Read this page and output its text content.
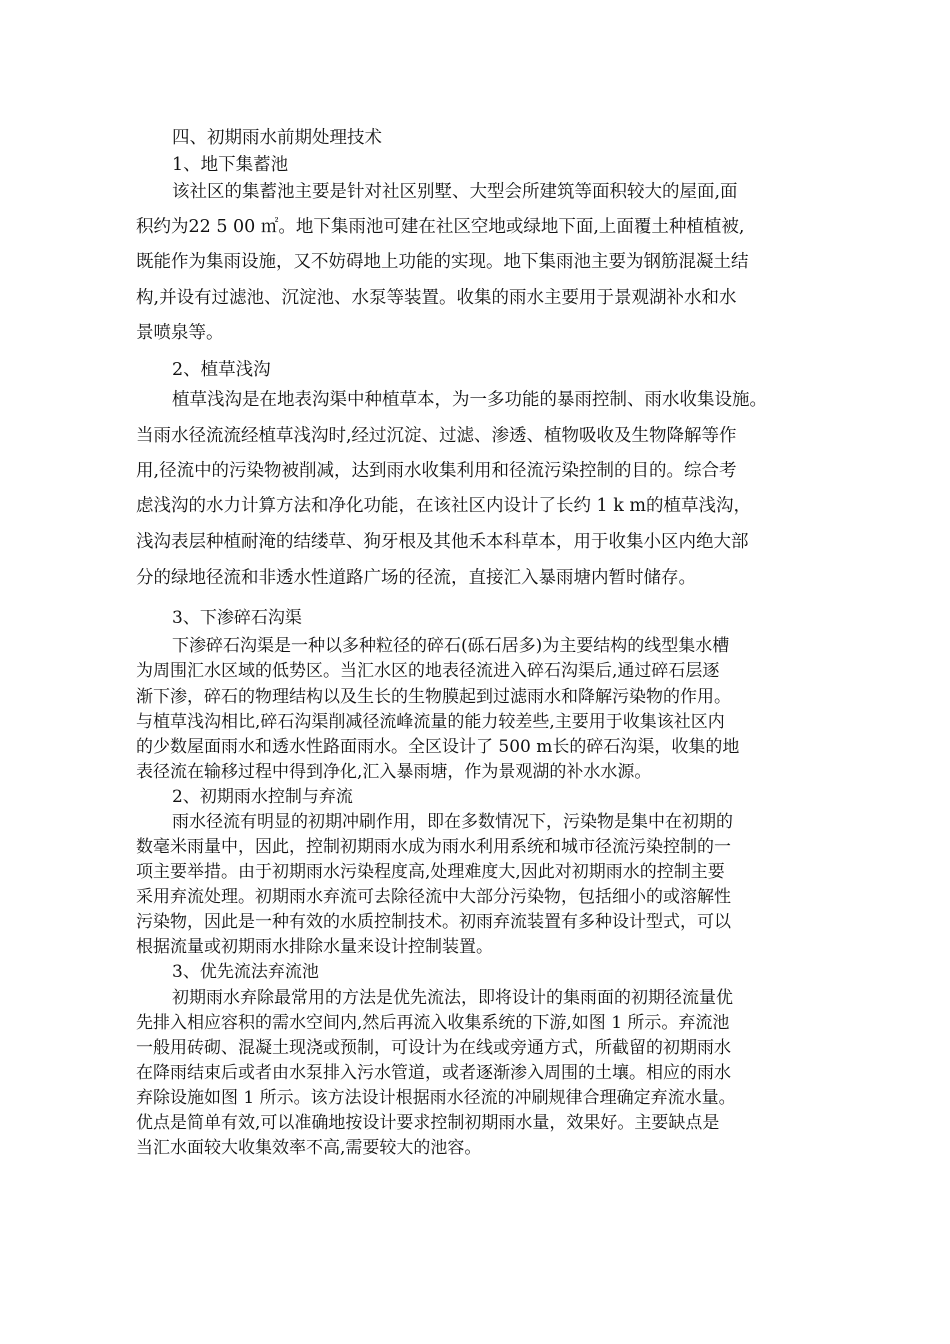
四、初期雨水前期处理技术

1、地下集蓄池

该社区的集蓄池主要是针对社区别墅、大型会所建筑等面积较大的屋面,面

积约为22 5 00 ㎡。地下集雨池可建在社区空地或绿地下面,上面覆土种植植被,

既能作为集雨设施，又不妨碍地上功能的实现。地下集雨池主要为钢筋混凝土结

构,并设有过滤池、沉淀池、水泵等装置。收集的雨水主要用于景观湖补水和水

景喷泉等。

2、植草浅沟

植草浅沟是在地表沟渠中种植草本，为一多功能的暴雨控制、雨水收集设施。

当雨水径流流经植草浅沟时,经过沉淀、过滤、渗透、植物吸收及生物降解等作

用,径流中的污染物被削减，达到雨水收集利用和径流污染控制的目的。综合考

虑浅沟的水力计算方法和净化功能，在该社区内设计了长约 1 k m的植草浅沟，

浅沟表层种植耐淹的结缕草、狗牙根及其他禾本科草本，用于收集小区内绝大部

分的绿地径流和非透水性道路广场的径流，直接汇入暴雨塘内暂时储存。

3、下渗碎石沟渠

下渗碎石沟渠是一种以多种粒径的碎石(砾石居多)为主要结构的线型集水槽

为周围汇水区域的低势区。当汇水区的地表径流进入碎石沟渠后,通过碎石层逐

渐下渗，碎石的物理结构以及生长的生物膜起到过滤雨水和降解污染物的作用。

与植草浅沟相比,碎石沟渠削减径流峰流量的能力较差些,主要用于收集该社区内

的少数屋面雨水和透水性路面雨水。全区设计了 500 m长的碎石沟渠，收集的地

表径流在输移过程中得到净化,汇入暴雨塘，作为景观湖的补水水源。

2、初期雨水控制与弃流

雨水径流有明显的初期冲刷作用，即在多数情况下，污染物是集中在初期的

数毫米雨量中，因此，控制初期雨水成为雨水利用系统和城市径流污染控制的一

项主要举措。由于初期雨水污染程度高,处理难度大,因此对初期雨水的控制主要

采用弃流处理。初期雨水弃流可去除径流中大部分污染物，包括细小的或溶解性

污染物，因此是一种有效的水质控制技术。初雨弃流装置有多种设计型式，可以

根据流量或初期雨水排除水量来设计控制装置。

3、优先流法弃流池

初期雨水弃除最常用的方法是优先流法，即将设计的集雨面的初期径流量优

先排入相应容积的需水空间内,然后再流入收集系统的下游,如图 1 所示。弃流池

一般用砖砌、混凝土现浇或预制，可设计为在线或旁通方式，所截留的初期雨水

在降雨结束后或者由水泵排入污水管道，或者逐渐渗入周围的土壤。相应的雨水

弃除设施如图 1 所示。该方法设计根据雨水径流的冲刷规律合理确定弃流水量。

优点是简单有效,可以准确地按设计要求控制初期雨水量，效果好。主要缺点是

当汇水面较大收集效率不高,需要较大的池容。
